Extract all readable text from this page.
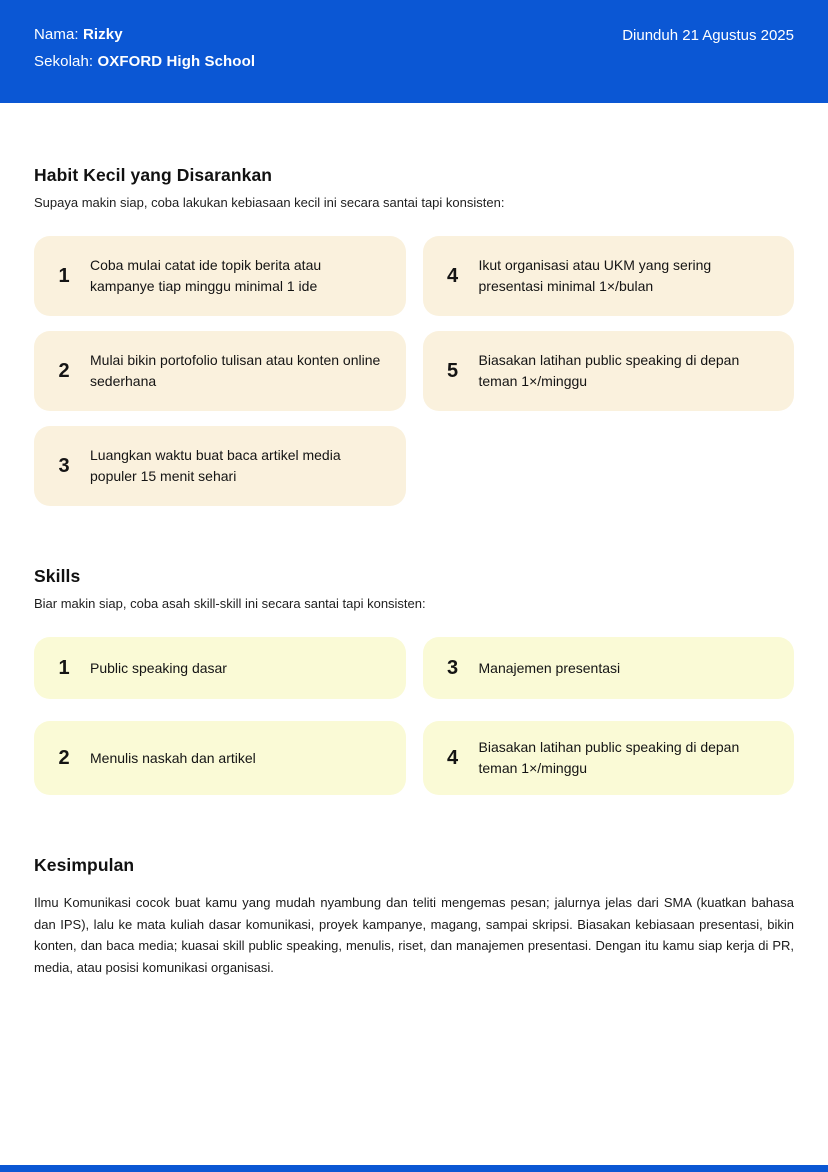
Nama: Rizky
Sekolah: OXFORD High School
Diunduh 21 Agustus 2025
Habit Kecil yang Disarankan

Supaya makin siap, coba lakukan kebiasaan kecil ini secara santai tapi konsisten:

1	Coba mulai catat ide topik berita atau kampanye tiap minggu minimal 1 ide
2	Mulai bikin portofolio tulisan atau konten online sederhana
3	Luangkan waktu buat baca artikel media populer 15 menit sehari
4	Ikut organisasi atau UKM yang sering presentasi minimal 1×/bulan
5	Biasakan latihan public speaking di depan teman 1×/minggu
Skills

Biar makin siap, coba asah skill-skill ini secara santai tapi konsisten:

1	Public speaking dasar
2	Menulis naskah dan artikel
3	Manajemen presentasi
4	Biasakan latihan public speaking di depan teman 1×/minggu
Kesimpulan

Ilmu Komunikasi cocok buat kamu yang mudah nyambung dan teliti mengemas pesan; jalurnya jelas dari SMA (kuatkan bahasa dan IPS), lalu ke mata kuliah dasar komunikasi, proyek kampanye, magang, sampai skripsi. Biasakan kebiasaan presentasi, bikin konten, dan baca media; kuasai skill public speaking, menulis, riset, dan manajemen presentasi. Dengan itu kamu siap kerja di PR, media, atau posisi komunikasi organisasi.
